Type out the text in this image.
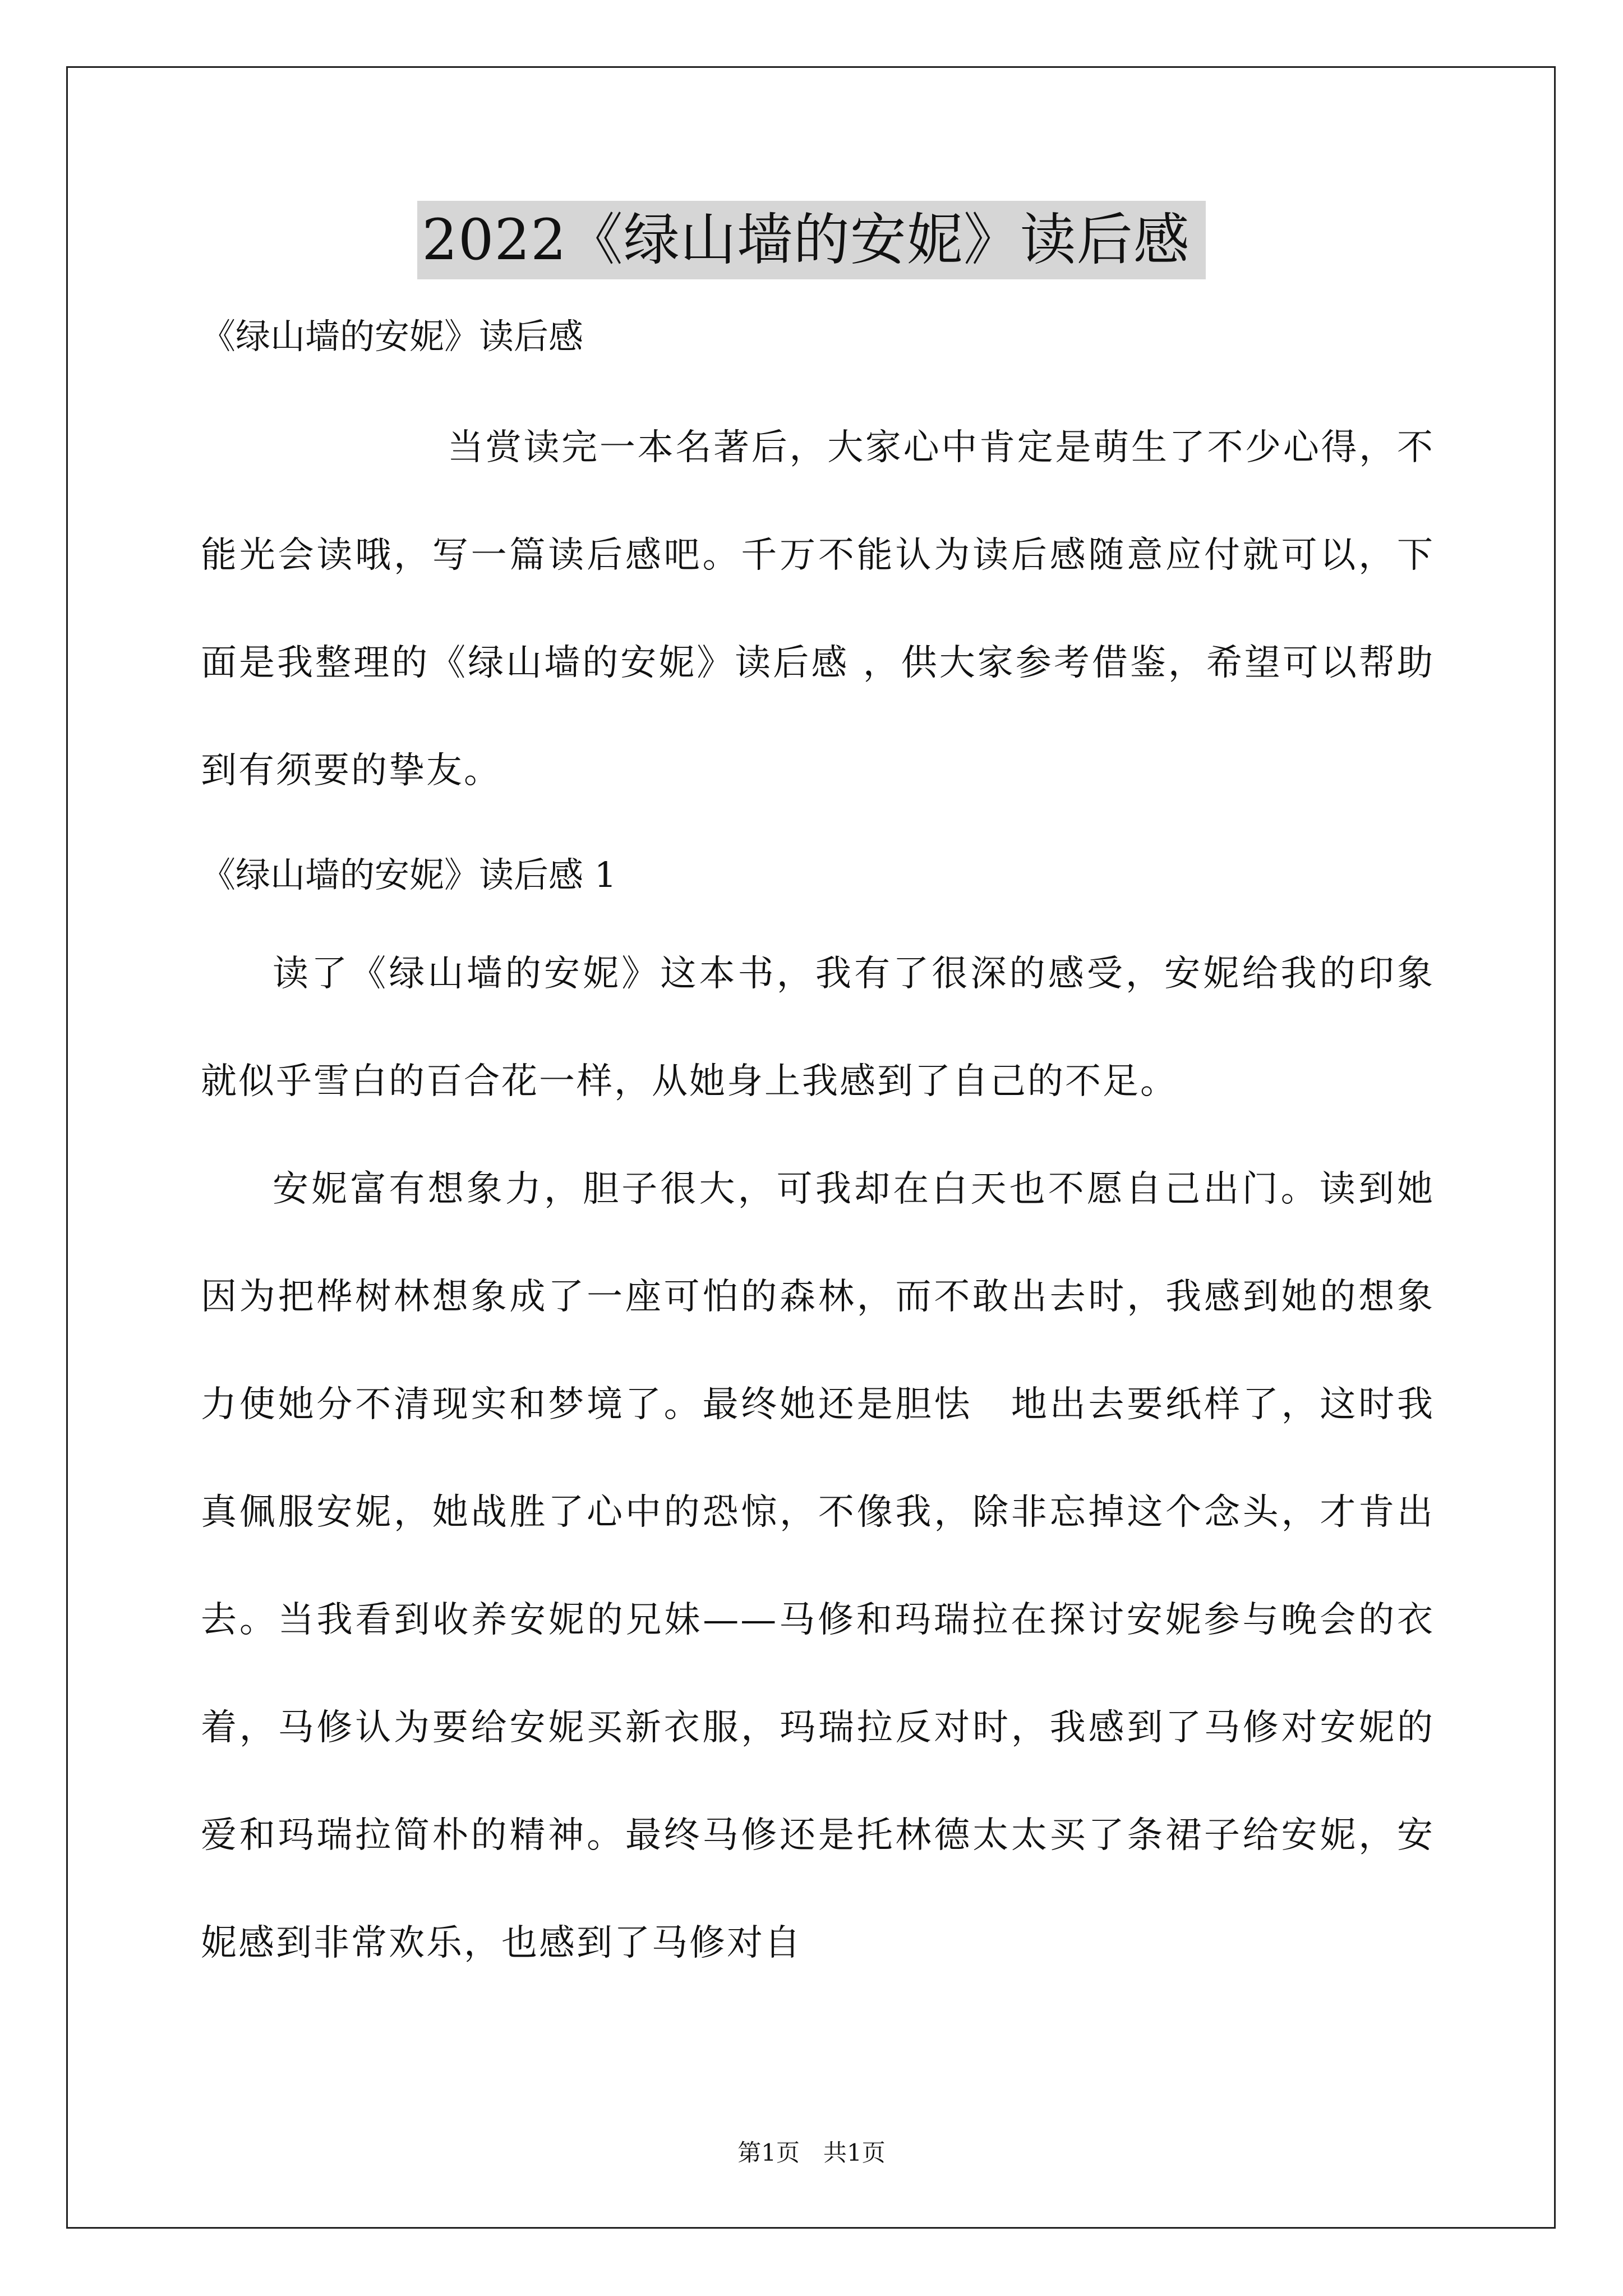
2022《绿山墙的安妮》读后感

《绿山墙的安妮》读后感

当赏读完一本名著后，大家心中肯定是萌生了不少心得，不能光会读哦，写一篇读后感吧。千万不能认为读后感随意应付就可以，下面是我整理的《绿山墙的安妮》读后感 ，供大家参考借鉴，希望可以帮助到有须要的挚友。

《绿山墙的安妮》读后感 1

读了《绿山墙的安妮》这本书，我有了很深的感受，安妮给我的印象就似乎雪白的百合花一样，从她身上我感到了自己的不足。

安妮富有想象力，胆子很大，可我却在白天也不愿自己出门。读到她因为把桦树林想象成了一座可怕的森林，而不敢出去时，我感到她的想象力使她分不清现实和梦境了。最终她还是胆怯　地出去要纸样了，这时我真佩服安妮，她战胜了心中的恐惊，不像我，除非忘掉这个念头，才肯出去。当我看到收养安妮的兄妹——马修和玛瑞拉在探讨安妮参与晚会的衣着，马修认为要给安妮买新衣服，玛瑞拉反对时，我感到了马修对安妮的爱和玛瑞拉简朴的精神。最终马修还是托林德太太买了条裙子给安妮，安妮感到非常欢乐，也感到了马修对自

第1页　共1页
